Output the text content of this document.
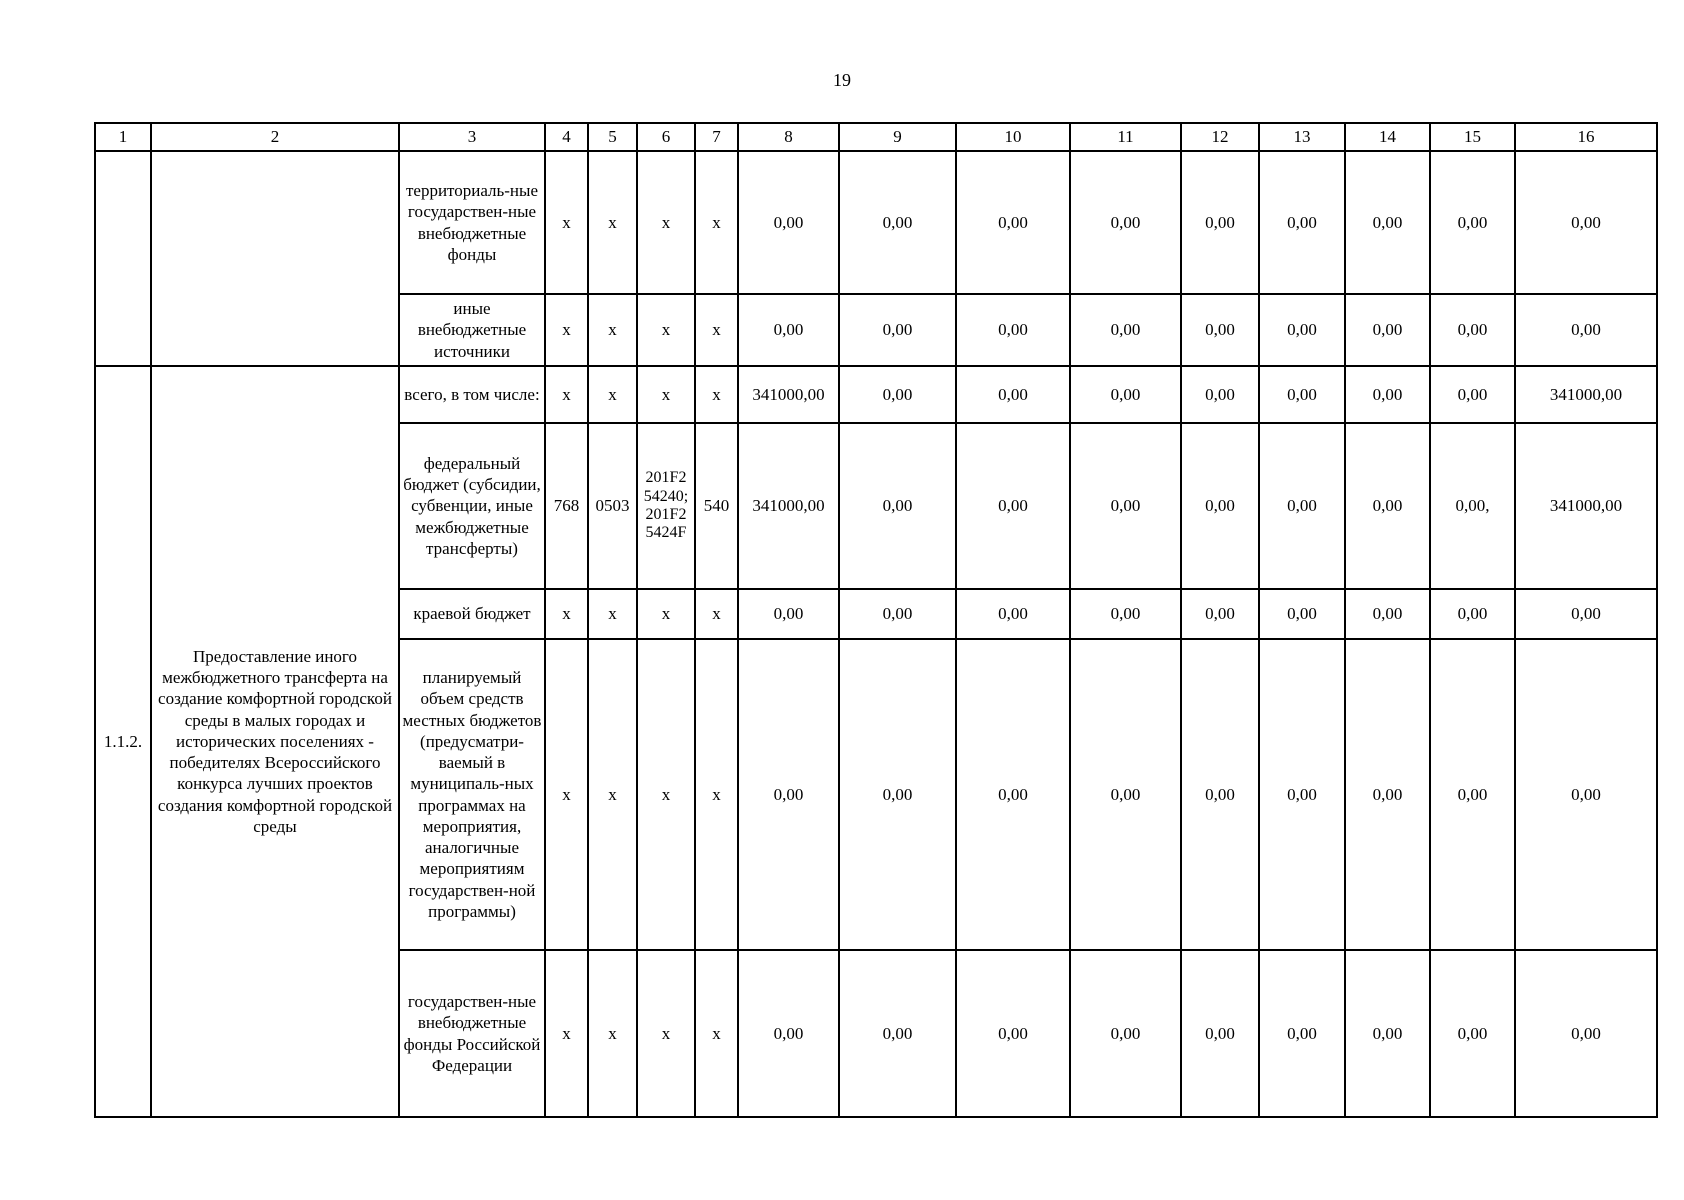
19
1	2	3	4	5	6	7	8	9	10	11	12	13	14	15	16
		территориаль-ные государствен-ные внебюджетные фонды	х	х	х	х	0,00	0,00	0,00	0,00	0,00	0,00	0,00	0,00	0,00
		иные внебюджетные источники	х	х	х	х	0,00	0,00	0,00	0,00	0,00	0,00	0,00	0,00	0,00
1.1.2.	Предоставление иного межбюджетного трансферта на создание комфортной городской среды в малых городах и исторических поселениях - победителях Всероссийского конкурса лучших проектов создания комфортной городской среды	всего, в том числе:	х	х	х	х	341000,00	0,00	0,00	0,00	0,00	0,00	0,00	0,00	341000,00
		федеральный бюджет (субсидии, субвенции, иные межбюджетные трансферты)	768	0503	201F2 54240; 201F2 5424F	540	341000,00	0,00	0,00	0,00	0,00	0,00	0,00	0,00,	341000,00
		краевой бюджет	х	х	х	х	0,00	0,00	0,00	0,00	0,00	0,00	0,00	0,00	0,00
		планируемый объем средств местных бюджетов (предусматри-ваемый в муниципаль-ных программах на мероприятия, аналогичные мероприятиям государствен-ной программы)	х	х	х	х	0,00	0,00	0,00	0,00	0,00	0,00	0,00	0,00	0,00
		государствен-ные внебюджетные фонды Российской Федерации	х	х	х	х	0,00	0,00	0,00	0,00	0,00	0,00	0,00	0,00	0,00
